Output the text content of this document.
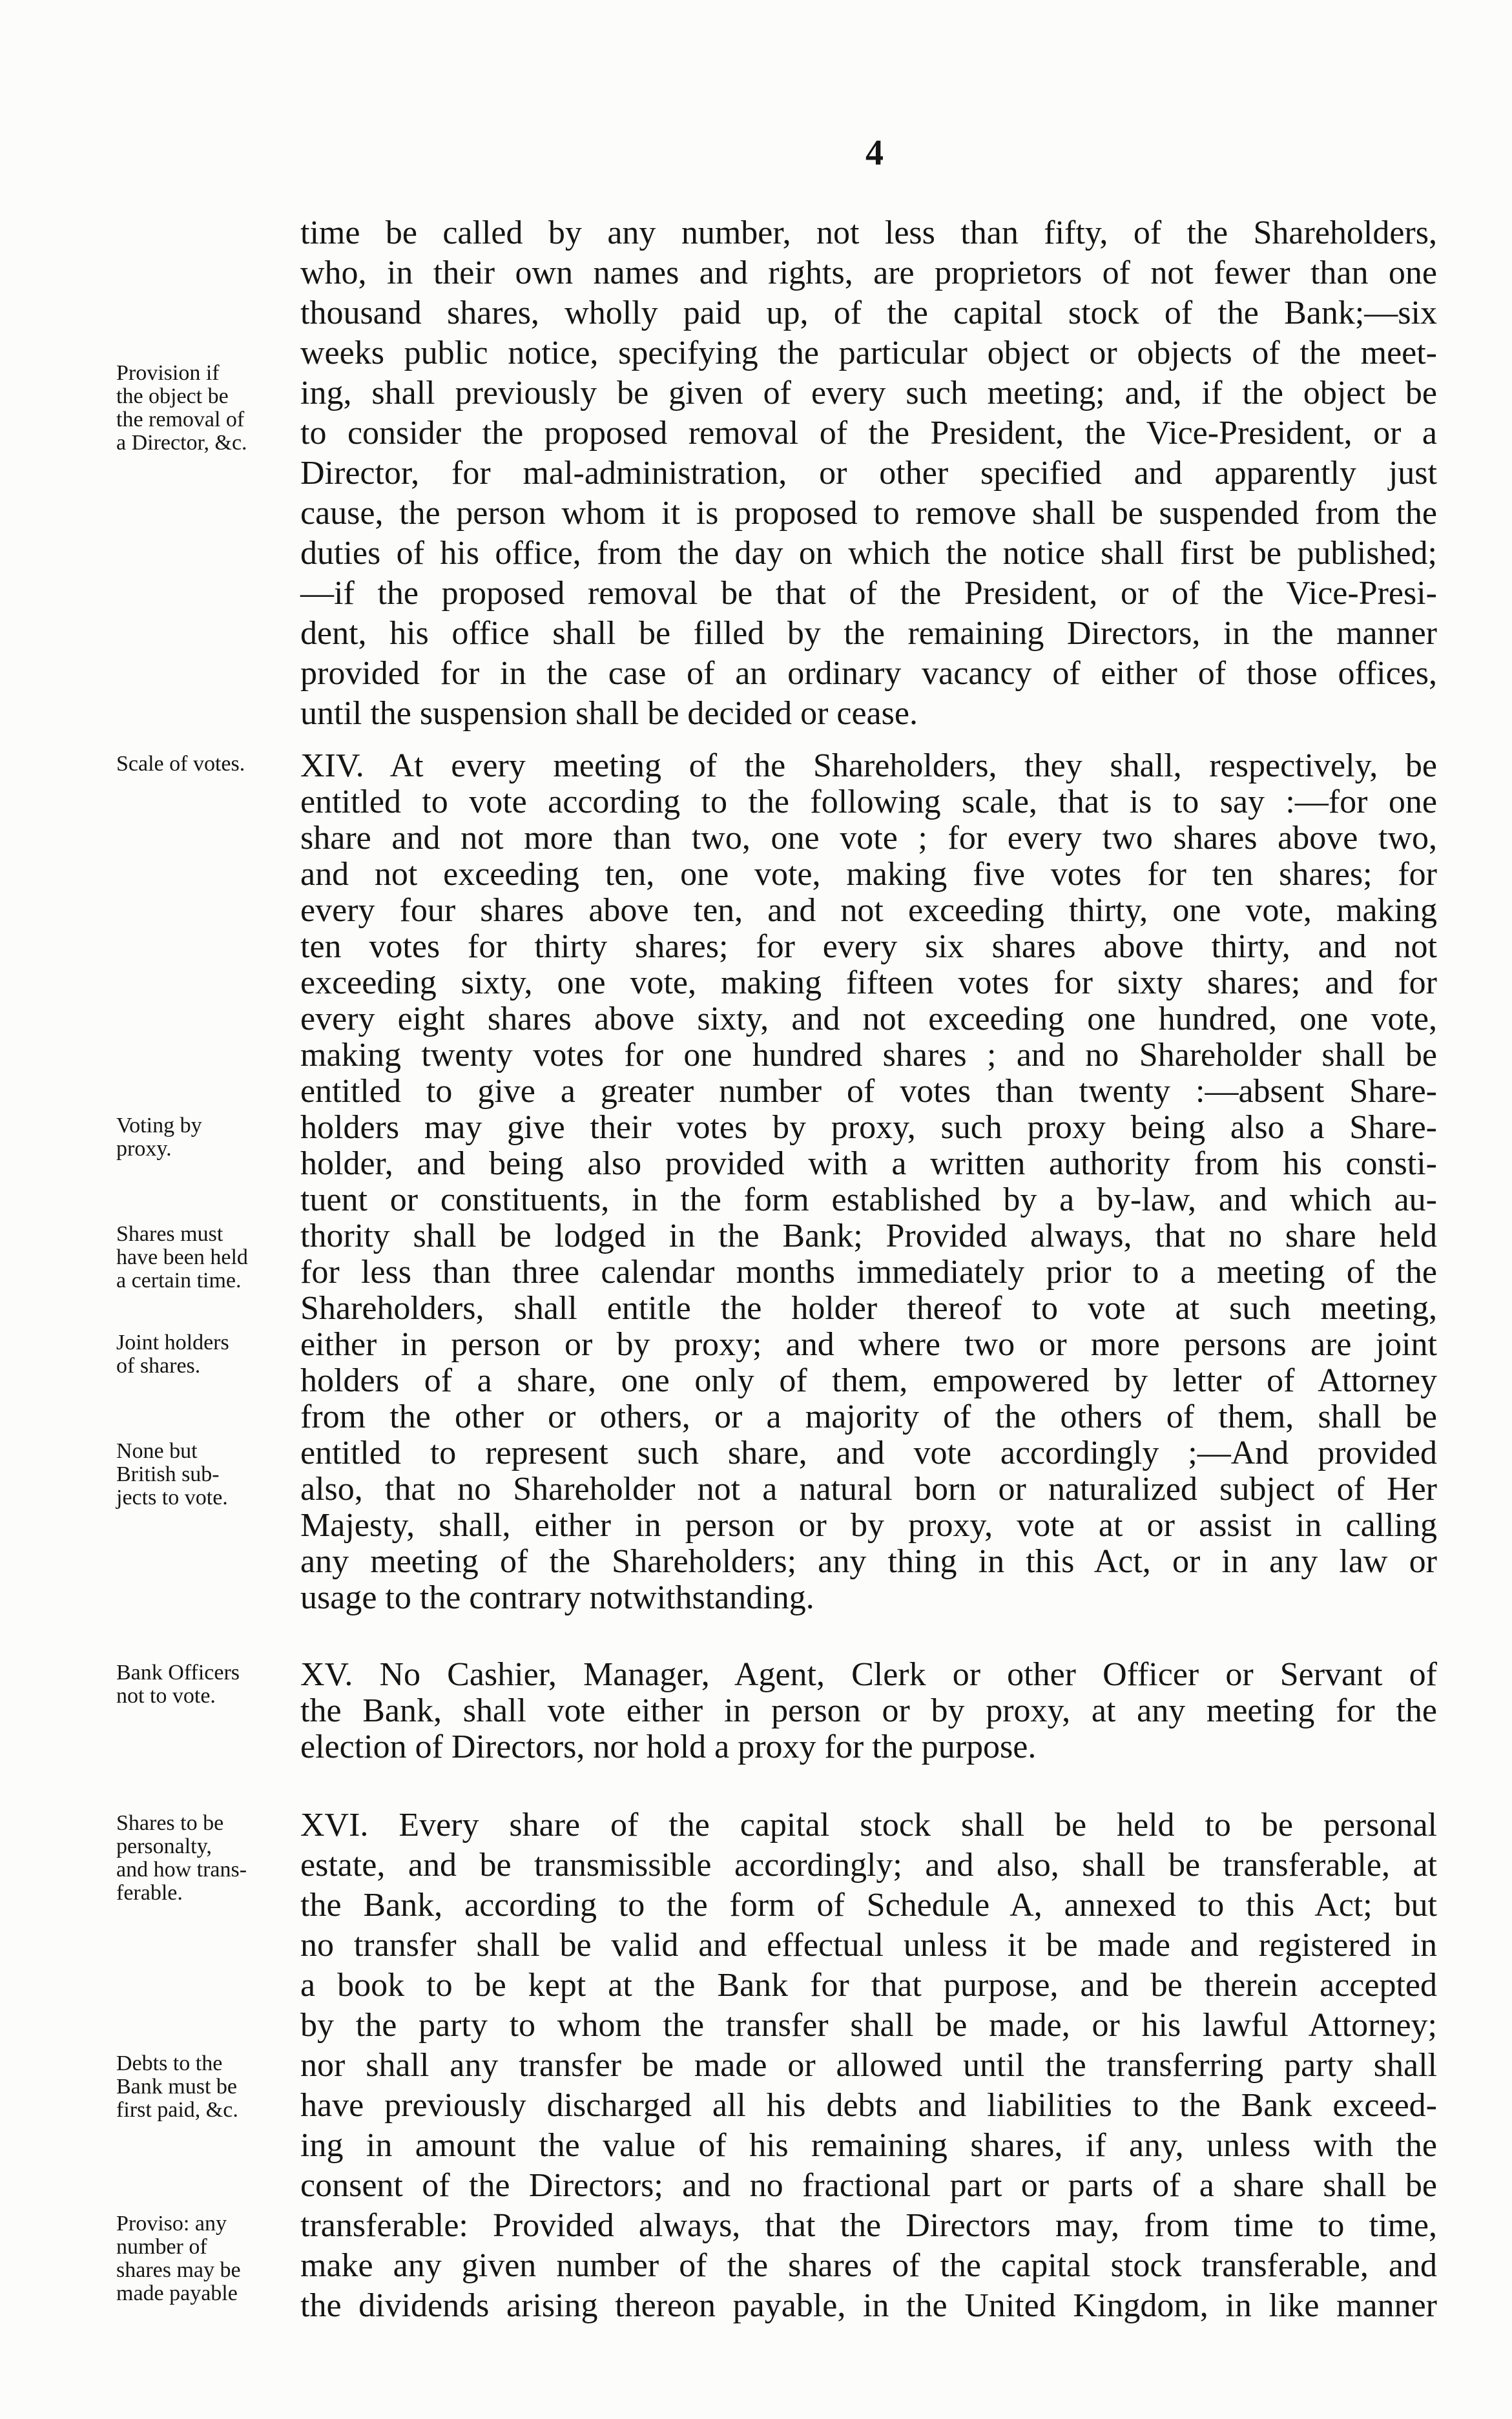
4
time be called by any number, not less than fifty, of the Shareholders,
who, in their own names and rights, are proprietors of not fewer than one
thousand shares, wholly paid up, of the capital stock of the Bank;—six
weeks public notice, specifying the particular object or objects of the meet-
ing, shall previously be given of every such meeting; and, if the object be
to consider the proposed removal of the President, the Vice-President, or a
Director, for mal-administration, or other specified and apparently just
cause, the person whom it is proposed to remove shall be suspended from the
duties of his office, from the day on which the notice shall first be published;
—if the proposed removal be that of the President, or of the Vice-Presi-
dent, his office shall be filled by the remaining Directors, in the manner
provided for in the case of an ordinary vacancy of either of those offices,
until the suspension shall be decided or cease.
XIV. At every meeting of the Shareholders, they shall, respectively, be
entitled to vote according to the following scale, that is to say :—for one
share and not more than two, one vote ; for every two shares above two,
and not exceeding ten, one vote, making five votes for ten shares; for
every four shares above ten, and not exceeding thirty, one vote, making
ten votes for thirty shares; for every six shares above thirty, and not
exceeding sixty, one vote, making fifteen votes for sixty shares; and for
every eight shares above sixty, and not exceeding one hundred, one vote,
making twenty votes for one hundred shares ; and no Shareholder shall be
entitled to give a greater number of votes than twenty :—absent Share-
holders may give their votes by proxy, such proxy being also a Share-
holder, and being also provided with a written authority from his consti-
tuent or constituents, in the form established by a by-law, and which au-
thority shall be lodged in the Bank; Provided always, that no share held
for less than three calendar months immediately prior to a meeting of the
Shareholders, shall entitle the holder thereof to vote at such meeting,
either in person or by proxy; and where two or more persons are joint
holders of a share, one only of them, empowered by letter of Attorney
from the other or others, or a majority of the others of them, shall be
entitled to represent such share, and vote accordingly ;—And provided
also, that no Shareholder not a natural born or naturalized subject of Her
Majesty, shall, either in person or by proxy, vote at or assist in calling
any meeting of the Shareholders; any thing in this Act, or in any law or
usage to the contrary notwithstanding.
XV. No Cashier, Manager, Agent, Clerk or other Officer or Servant of
the Bank, shall vote either in person or by proxy, at any meeting for the
election of Directors, nor hold a proxy for the purpose.
XVI. Every share of the capital stock shall be held to be personal
estate, and be transmissible accordingly; and also, shall be transferable, at
the Bank, according to the form of Schedule A, annexed to this Act; but
no transfer shall be valid and effectual unless it be made and registered in
a book to be kept at the Bank for that purpose, and be therein accepted
by the party to whom the transfer shall be made, or his lawful Attorney;
nor shall any transfer be made or allowed until the transferring party shall
have previously discharged all his debts and liabilities to the Bank exceed-
ing in amount the value of his remaining shares, if any, unless with the
consent of the Directors; and no fractional part or parts of a share shall be
transferable: Provided always, that the Directors may, from time to time,
make any given number of the shares of the capital stock transferable, and
the dividends arising thereon payable, in the United Kingdom, in like manner
Provision if
the object be
the removal of
a Director, &c.
Scale of votes.
Voting by
proxy.
Shares must
have been held
a certain time.
Joint holders
of shares.
None but
British sub-
jects to vote.
Bank Officers
not to vote.
Shares to be
personalty,
and how trans-
ferable.
Debts to the
Bank must be
first paid, &c.
Proviso: any
number of
shares may be
made payable
